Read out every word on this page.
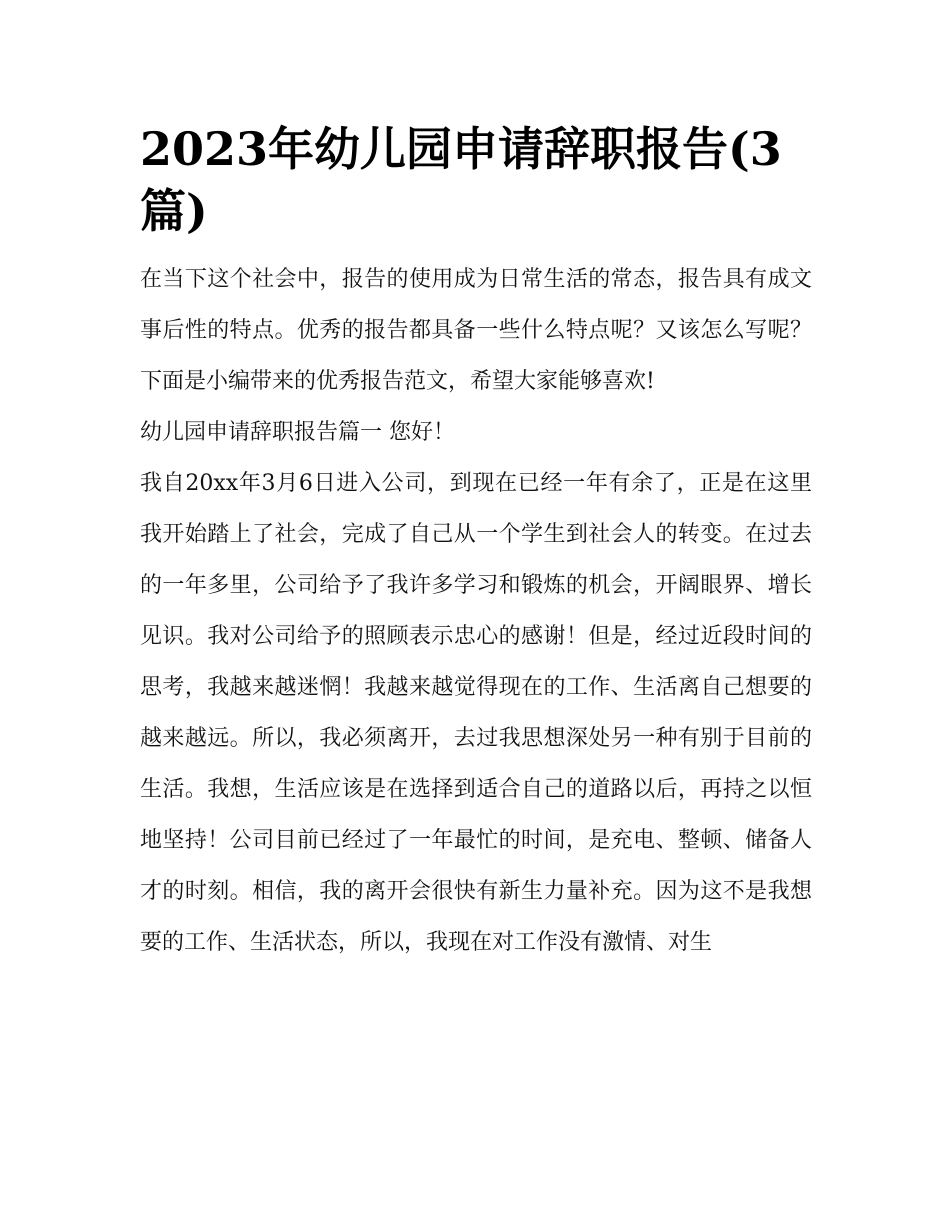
2023年幼儿园申请辞职报告(3篇)

在当下这个社会中，报告的使用成为日常生活的常态，报告具有成文事后性的特点。优秀的报告都具备一些什么特点呢？又该怎么写呢？下面是小编带来的优秀报告范文，希望大家能够喜欢!

幼儿园申请辞职报告篇一 您好！

我自20xx年3月6日进入公司，到现在已经一年有余了，正是在这里我开始踏上了社会，完成了自己从一个学生到社会人的转变。在过去的一年多里，公司给予了我许多学习和锻炼的机会，开阔眼界、增长见识。我对公司给予的照顾表示忠心的感谢！但是，经过近段时间的思考，我越来越迷惘！我越来越觉得现在的工作、生活离自己想要的越来越远。所以，我必须离开，去过我思想深处另一种有别于目前的生活。我想，生活应该是在选择到适合自己的道路以后，再持之以恒地坚持！公司目前已经过了一年最忙的时间，是充电、整顿、储备人才的时刻。相信，我的离开会很快有新生力量补充。因为这不是我想要的工作、生活状态，所以，我现在对工作没有激情、对生
